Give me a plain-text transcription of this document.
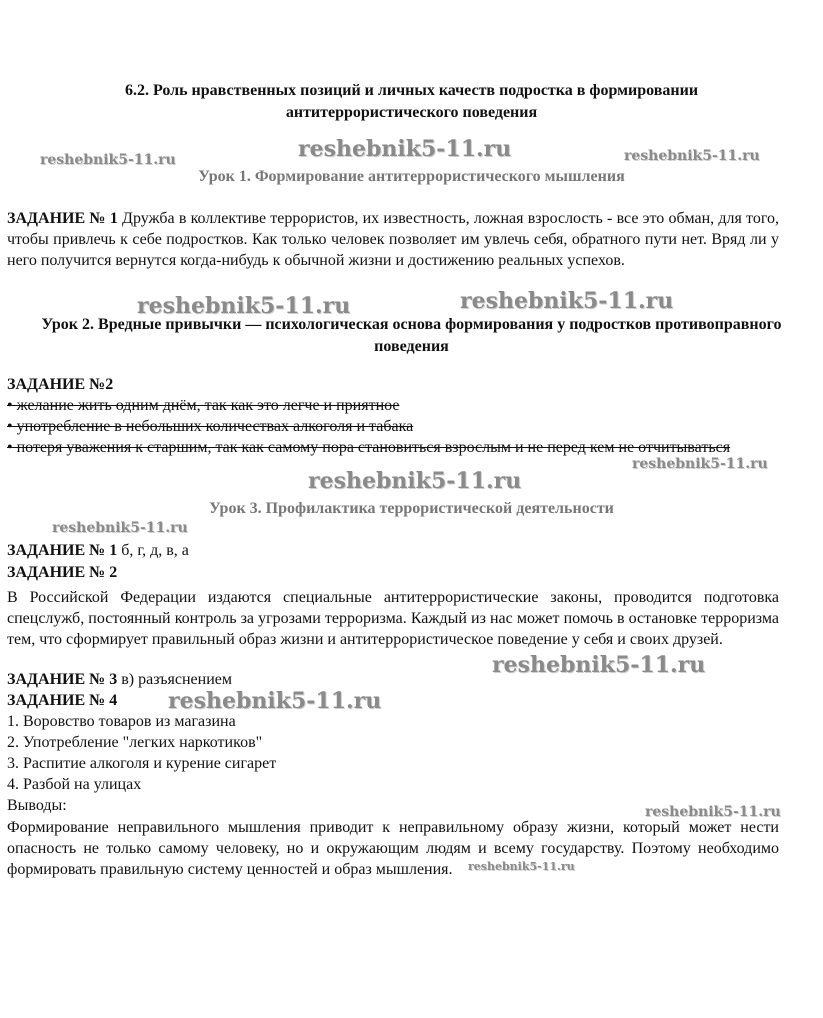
6.2. Роль нравственных позиций и личных качеств подростка в формировании антитеррористического поведения
Урок 1. Формирование антитеррористического мышления
ЗАДАНИЕ № 1 Дружба в коллективе террористов, их известность, ложная взрослость - все это обман, для того, чтобы привлечь к себе подростков. Как только человек позволяет им увлечь себя, обратного пути нет. Вряд ли у него получится вернутся когда-нибудь к обычной жизни и достижению реальных успехов.
Урок 2. Вредные привычки — психологическая основа формирования у подростков противоправного поведения
ЗАДАНИЕ №2
• желание жить одним днём, так как это легче и приятное
• употребление в небольших количествах алкоголя и табака
• потеря уважения к старшим, так как самому пора становиться взрослым и не перед кем не отчитываться
Урок 3. Профилактика террористической деятельности
ЗАДАНИЕ № 1 б, г, д, в, а
ЗАДАНИЕ № 2
В Российской Федерации издаются специальные антитеррористические законы, проводится подготовка спецслужб, постоянный контроль за угрозами терроризма. Каждый из нас может помочь в остановке терроризма тем, что сформирует правильный образ жизни и антитеррористическое поведение у себя и своих друзей.
ЗАДАНИЕ № 3 в) разъяснением
ЗАДАНИЕ № 4
1. Воровство товаров из магазина
2. Употребление "легких наркотиков"
3. Распитие алкоголя и курение сигарет
4. Разбой на улицах
Выводы:
Формирование неправильного мышления приводит к неправильному образу жизни, который может нести опасность не только самому человеку, но и окружающим людям и всему государству. Поэтому необходимо формировать правильную систему ценностей и образ мышления.
reshebnik5-11.ru	reshebnik5-11.ru	reshebnik5-11.ru
reshebnik5-11.ru	reshebnik5-11.ru
reshebnik5-11.ru
reshebnik5-11.ru
reshebnik5-11.ru
reshebnik5-11.ru
reshebnik5-11.ru
reshebnik5-11.ru
reshebnik5-11.ru
